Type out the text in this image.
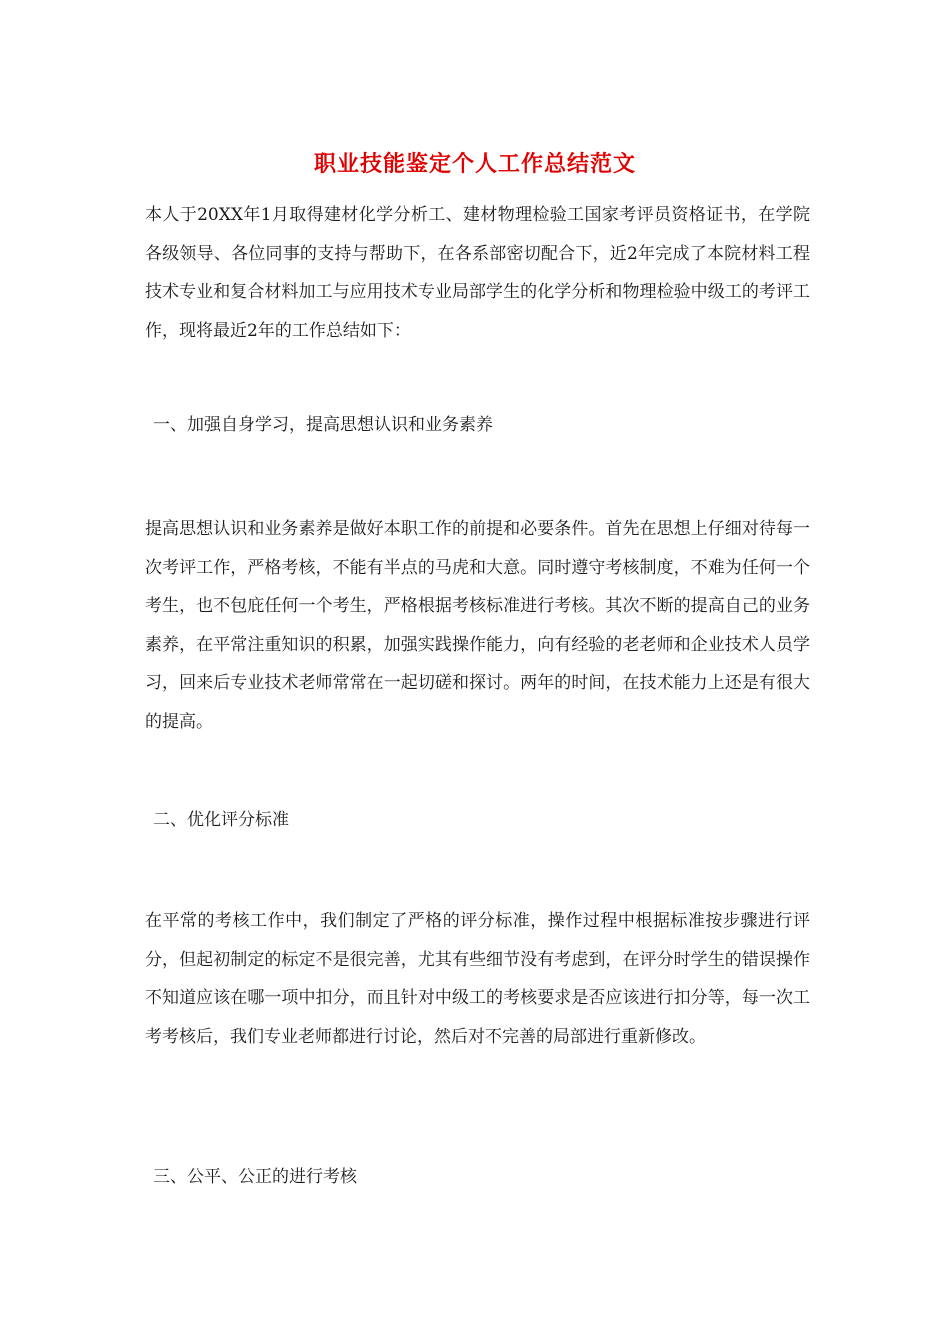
职业技能鉴定个人工作总结范文

本人于20XX年1月取得建材化学分析工、建材物理检验工国家考评员资格证书，在学院各级领导、各位同事的支持与帮助下，在各系部密切配合下，近2年完成了本院材料工程技术专业和复合材料加工与应用技术专业局部学生的化学分析和物理检验中级工的考评工作，现将最近2年的工作总结如下：

一、加强自身学习，提高思想认识和业务素养

提高思想认识和业务素养是做好本职工作的前提和必要条件。首先在思想上仔细对待每一次考评工作，严格考核，不能有半点的马虎和大意。同时遵守考核制度，不难为任何一个考生，也不包庇任何一个考生，严格根据考核标准进行考核。其次不断的提高自己的业务素养，在平常注重知识的积累，加强实践操作能力，向有经验的老老师和企业技术人员学习，回来后专业技术老师常常在一起切磋和探讨。两年的时间，在技术能力上还是有很大的提高。

二、优化评分标准

在平常的考核工作中，我们制定了严格的评分标准，操作过程中根据标准按步骤进行评分，但起初制定的标定不是很完善，尤其有些细节没有考虑到，在评分时学生的错误操作不知道应该在哪一项中扣分，而且针对中级工的考核要求是否应该进行扣分等，每一次工考考核后，我们专业老师都进行讨论，然后对不完善的局部进行重新修改。

三、公平、公正的进行考核
